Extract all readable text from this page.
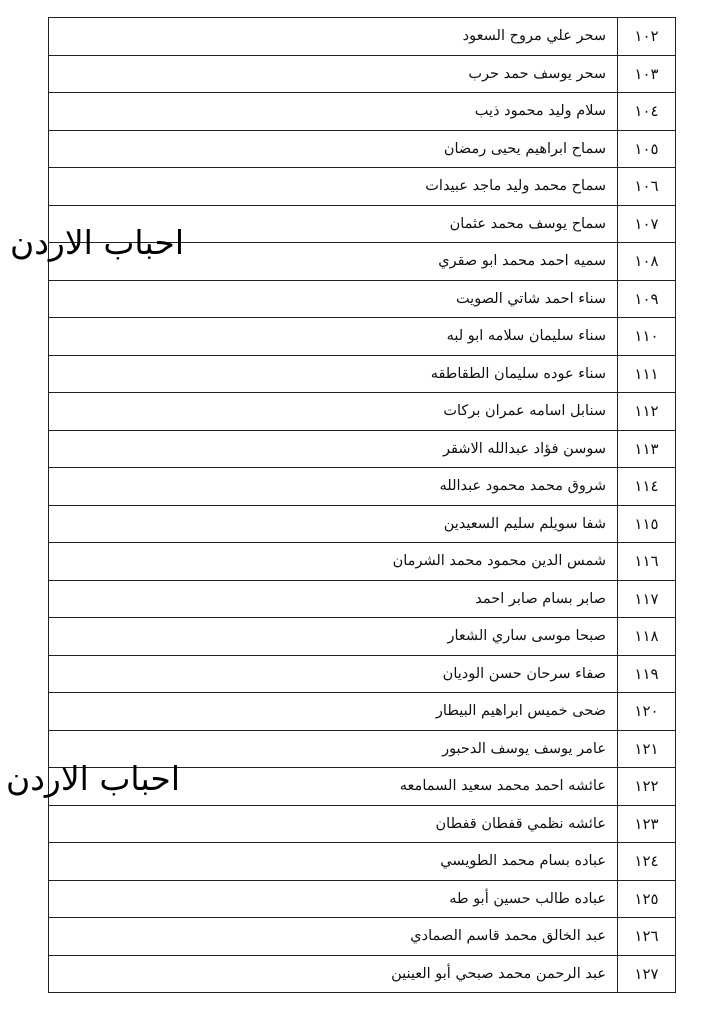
١٠٢	سحر علي مروح السعود
١٠٣	سحر يوسف حمد حرب
١٠٤	سلام وليد محمود ذيب
١٠٥	سماح ابراهيم يحيى رمضان
١٠٦	سماح محمد وليد ماجد عبيدات
١٠٧	سماح يوسف محمد عثمان
١٠٨	سميه احمد محمد ابو صقري
١٠٩	سناء احمد شاتي الصويت
١١٠	سناء سليمان سلامه ابو لبه
١١١	سناء عوده سليمان الطقاطقه
١١٢	سنابل اسامه عمران بركات
١١٣	سوسن فؤاد عبدالله الاشقر
١١٤	شروق محمد محمود عبدالله
١١٥	شفا سويلم سليم السعيدين
١١٦	شمس الدين محمود محمد الشرمان
١١٧	صابر بسام صابر احمد
١١٨	صبحا موسى ساري الشعار
١١٩	صفاء سرحان حسن الوديان
١٢٠	ضحى خميس ابراهيم البيطار
١٢١	عامر يوسف يوسف الدحبور
١٢٢	عائشه احمد محمد سعيد السمامعه
١٢٣	عائشه نظمي قفطان قفطان
١٢٤	عباده بسام محمد الطويسي
١٢٥	عباده طالب حسين أبو طه
١٢٦	عبد الخالق محمد قاسم الصمادي
١٢٧	عبد الرحمن محمد صبحي أبو العينين
احباب الاردن
احباب الاردن
